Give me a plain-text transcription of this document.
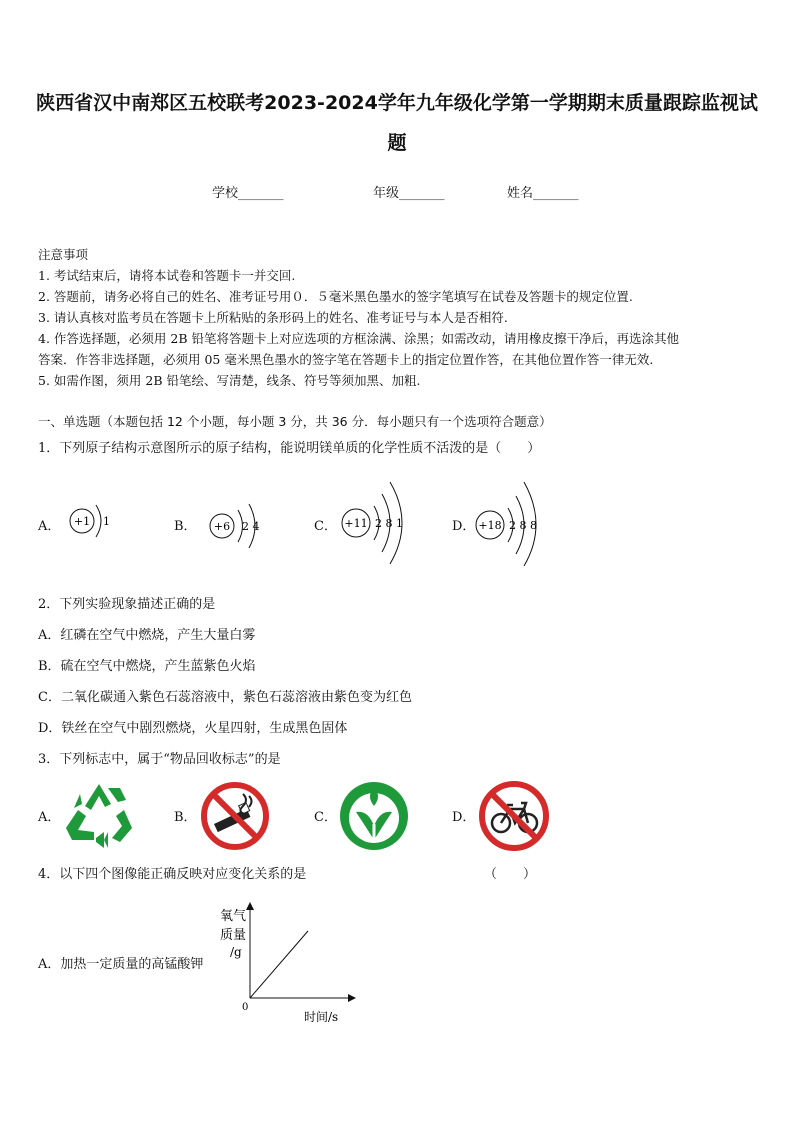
陕西省汉中南郑区五校联考2023-2024学年九年级化学第一学期期末质量跟踪监视试
题
学校_______	年级_______	姓名_______
注意事项
1. 考试结束后，请将本试卷和答题卡一并交回.
2. 答题前，请务必将自己的姓名、准考证号用０．５毫米黑色墨水的签字笔填写在试卷及答题卡的规定位置.
3. 请认真核对监考员在答题卡上所粘贴的条形码上的姓名、准考证号与本人是否相符.
4. 作答选择题，必须用 2B 铅笔将答题卡上对应选项的方框涂满、涂黑；如需改动，请用橡皮擦干净后，再选涂其他
答案．作答非选择题，必须用 05 毫米黑色墨水的签字笔在答题卡上的指定位置作答，在其他位置作答一律无效.
5. 如需作图，须用 2B 铅笔绘、写清楚，线条、符号等须加黑、加粗.
一、单选题（本题包括 12 个小题，每小题 3 分，共 36 分．每小题只有一个选项符合题意）
1．下列原子结构示意图所示的原子结构，能说明镁单质的化学性质不活泼的是（　　）
A． +1 1	B． +6 2 4	C． +11 2 8 1	D． +18 2 8 8
2．下列实验现象描述正确的是
A．红磷在空气中燃烧，产生大量白雾
B．硫在空气中燃烧，产生蓝紫色火焰
C．二氧化碳通入紫色石蕊溶液中，紫色石蕊溶液由紫色变为红色
D．铁丝在空气中剧烈燃烧，火星四射，生成黑色固体
3．下列标志中，属于“物品回收标志”的是
A．	B．	C．	D．
4．以下四个图像能正确反映对应变化关系的是	（　　）
A．加热一定质量的高锰酸钾
氧气
质量
/g
0
时间/s
